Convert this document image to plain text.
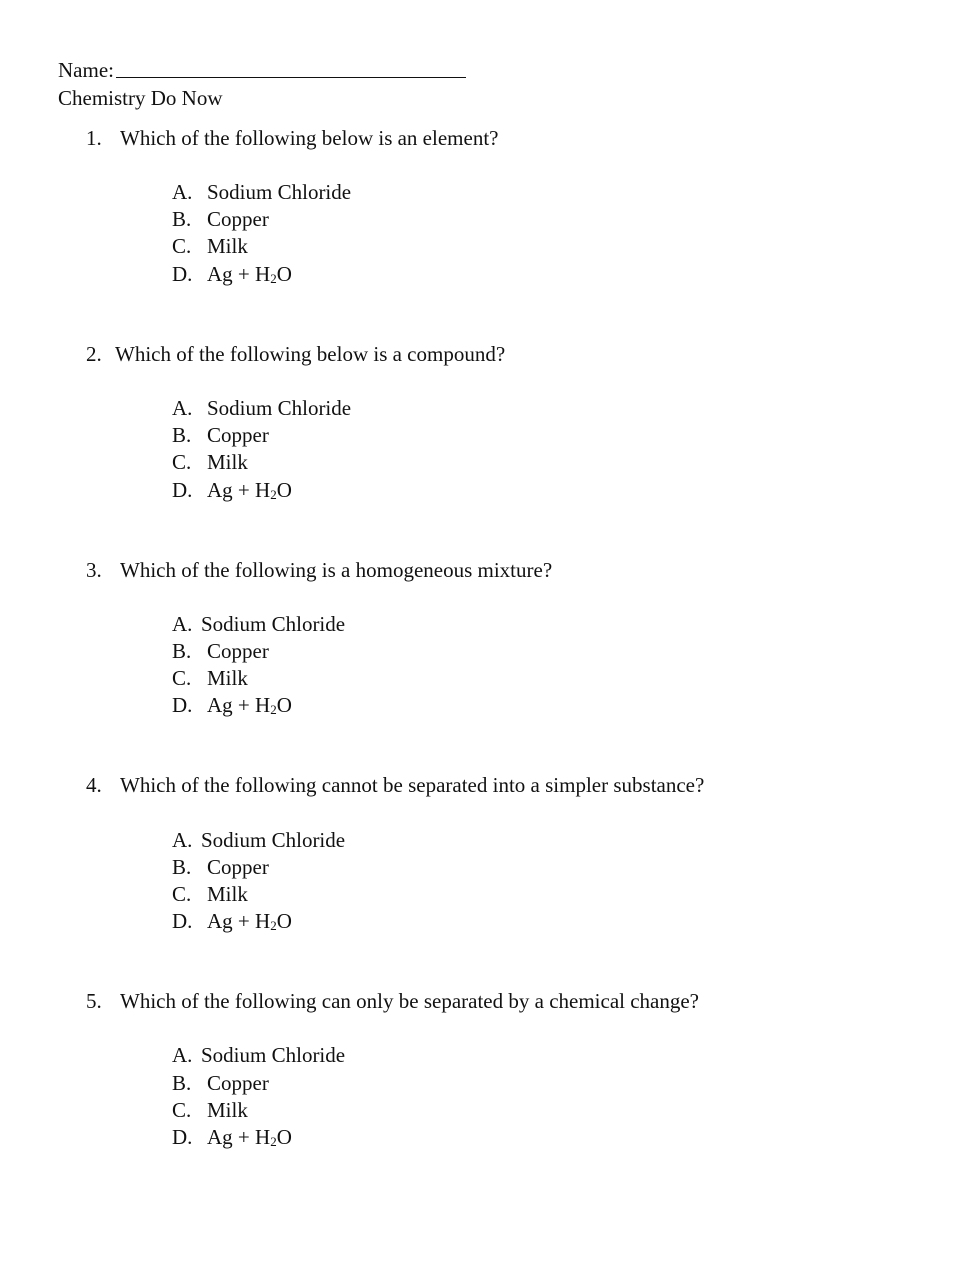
Name:
Chemistry Do Now
1. Which of the following below is an element?
A. Sodium Chloride
B. Copper
C. Milk
D. $Ag + H_2O$
2. Which of the following below is a compound?
A. Sodium Chloride
B. Copper
C. Milk
D. $Ag + H_2O$
3. Which of the following is a homogeneous mixture?
A. Sodium Chloride
B. Copper
C. Milk
D. $Ag + H_2O$
4. Which of the following cannot be separated into a simpler substance?
A. Sodium Chloride
B. Copper
C. Milk
D. $Ag + H_2O$
5. Which of the following can only be separated by a chemical change?
A. Sodium Chloride
B. Copper
C. Milk
D. $Ag + H_2O$
